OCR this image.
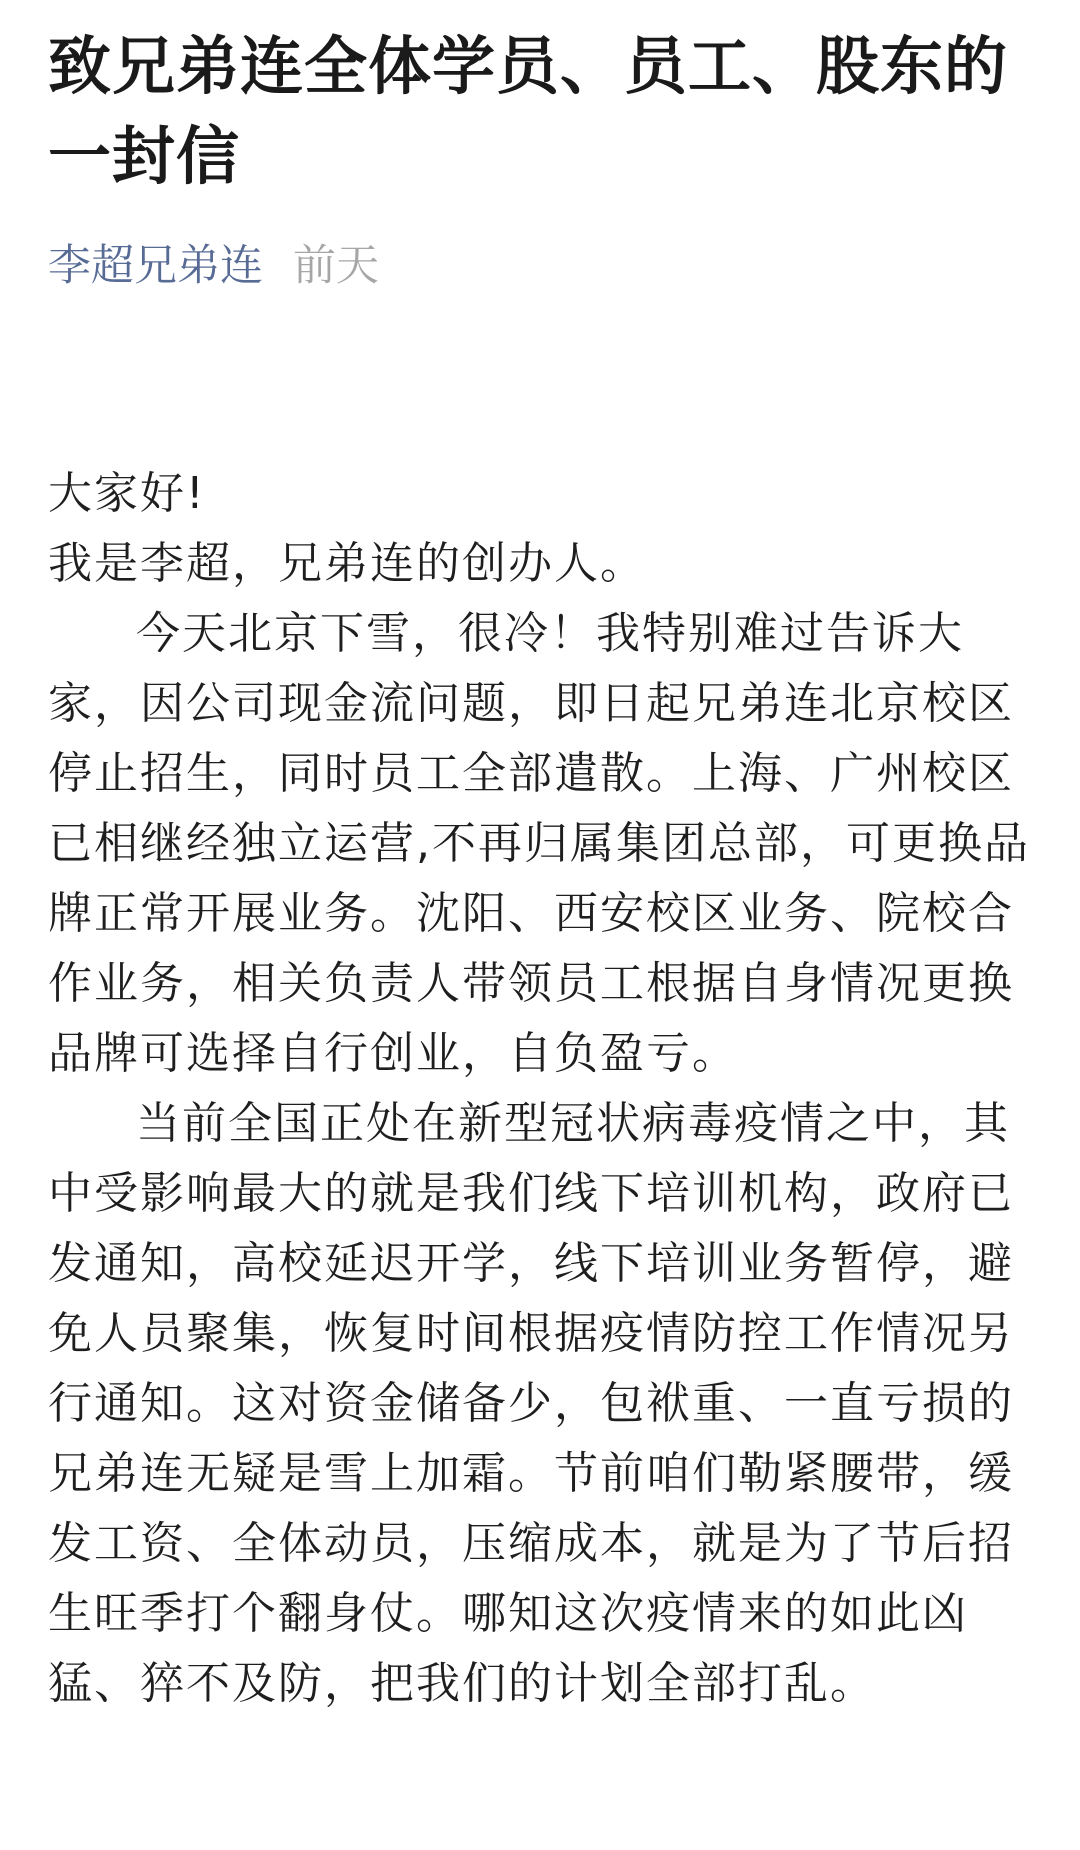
致兄弟连全体学员、员工、股东的一封信
李超兄弟连 前天

大家好!

我是李超，兄弟连的创办人。

今天北京下雪，很冷！我特别难过告诉大家，因公司现金流问题，即日起兄弟连北京校区停止招生，同时员工全部遣散。上海、广州校区已相继经独立运营,不再归属集团总部，可更换品牌正常开展业务。沈阳、西安校区业务、院校合作业务，相关负责人带领员工根据自身情况更换品牌可选择自行创业，自负盈亏。

当前全国正处在新型冠状病毒疫情之中，其中受影响最大的就是我们线下培训机构，政府已发通知，高校延迟开学，线下培训业务暂停，避免人员聚集，恢复时间根据疫情防控工作情况另行通知。这对资金储备少，包袱重、一直亏损的兄弟连无疑是雪上加霜。节前咱们勒紧腰带，缓发工资、全体动员，压缩成本，就是为了节后招生旺季打个翻身仗。哪知这次疫情来的如此凶猛、猝不及防，把我们的计划全部打乱。
